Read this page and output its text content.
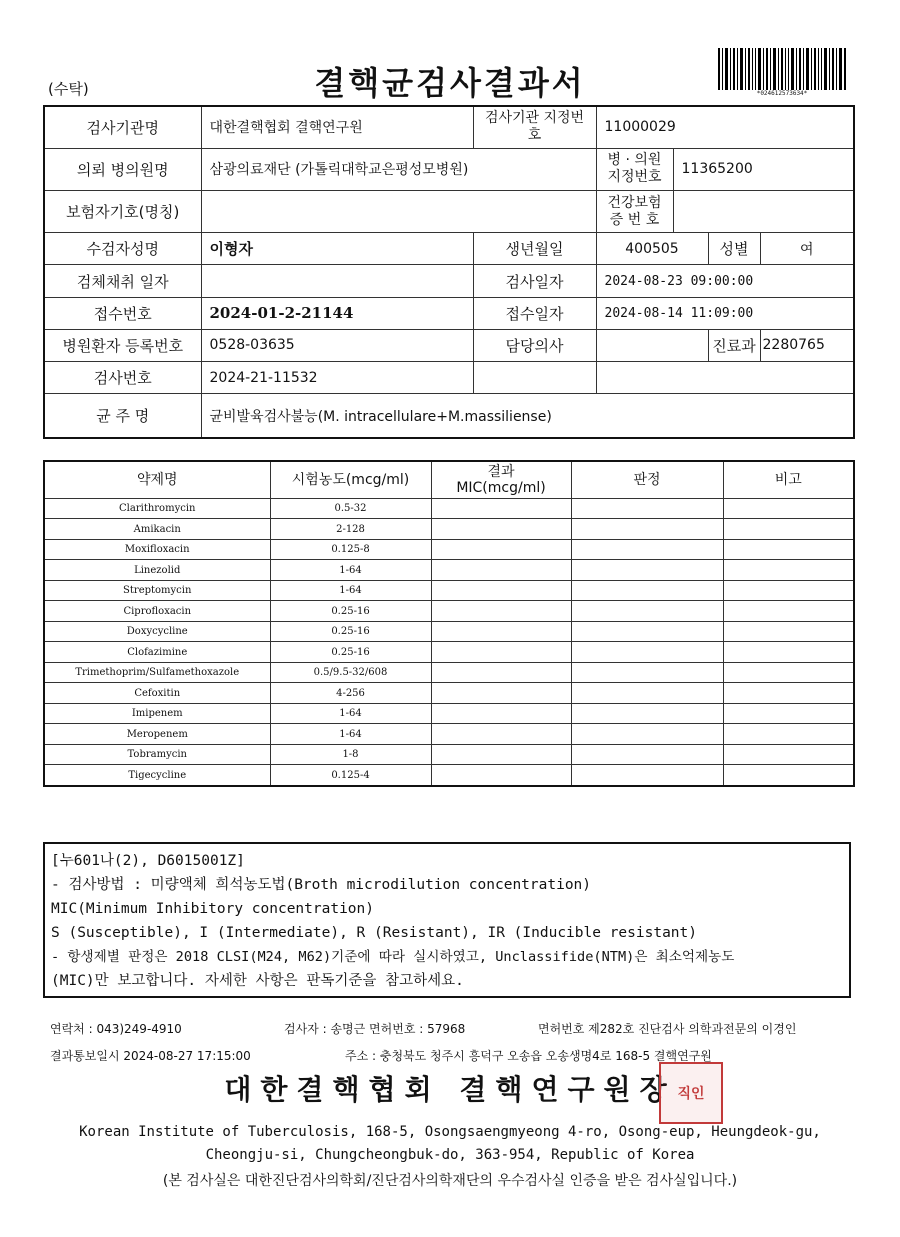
(수탁)	결핵균검사결과서	*024612573634*
검사기관명	대한결핵협회 결핵연구원	검사기관 지정번호	11000029			
의뢰 병의원명	삼광의료재단 (가톨릭대학교은평성모병원)		병 · 의원 지정번호	11365200		
보험자기호(명칭)			건강보험 증 번 호			
수검자성명	이형자	생년월일	400505		성별	여
검체채취 일자		검사일자	2024-08-23 09:00:00			
접수번호	2024-01-2-21144	접수일자	2024-08-14 11:09:00			
병원환자 등록번호	0528-03635	담당의사			진료과	2280765
검사번호	2024-21-11532					
균 주 명	균비발육검사불능(M. intracellulare+M.massiliense)					
약제명	시험농도(mcg/ml)	결과 MIC(mcg/ml)	판정	비고
Clarithromycin	0.5-32			
Amikacin	2-128			
Moxifloxacin	0.125-8			
Linezolid	1-64			
Streptomycin	1-64			
Ciprofloxacin	0.25-16			
Doxycycline	0.25-16			
Clofazimine	0.25-16			
Trimethoprim/Sulfamethoxazole	0.5/9.5-32/608			
Cefoxitin	4-256			
Imipenem	1-64			
Meropenem	1-64			
Tobramycin	1-8			
Tigecycline	0.125-4			
[누601나(2), D6015001Z]
- 검사방법 : 미량액체 희석농도법(Broth microdilution concentration)
MIC(Minimum Inhibitory concentration)
S (Susceptible), I (Intermediate), R (Resistant), IR (Inducible resistant)
- 항생제별 판정은 2018 CLSI(M24, M62)기준에 따라 실시하였고, Unclassifide(NTM)은 최소억제농도
(MIC)만 보고합니다. 자세한 사항은 판독기준을 참고하세요.
연락처 : 043)249-4910	검사자 : 송명근 면허번호 : 57968	면허번호 제282호 진단검사 의학과전문의 이경인
결과통보일시 2024-08-27 17:15:00	주소 : 충청북도 청주시 흥덕구 오송읍 오송생명4로 168-5 결핵연구원
대한결핵협회 결핵연구원장 직인
Korean Institute of Tuberculosis, 168-5, Osongsaengmyeong 4-ro, Osong-eup, Heungdeok-gu,
Cheongju-si, Chungcheongbuk-do, 363-954, Republic of Korea
(본 검사실은 대한진단검사의학회/진단검사의학재단의 우수검사실 인증을 받은 검사실입니다.)
